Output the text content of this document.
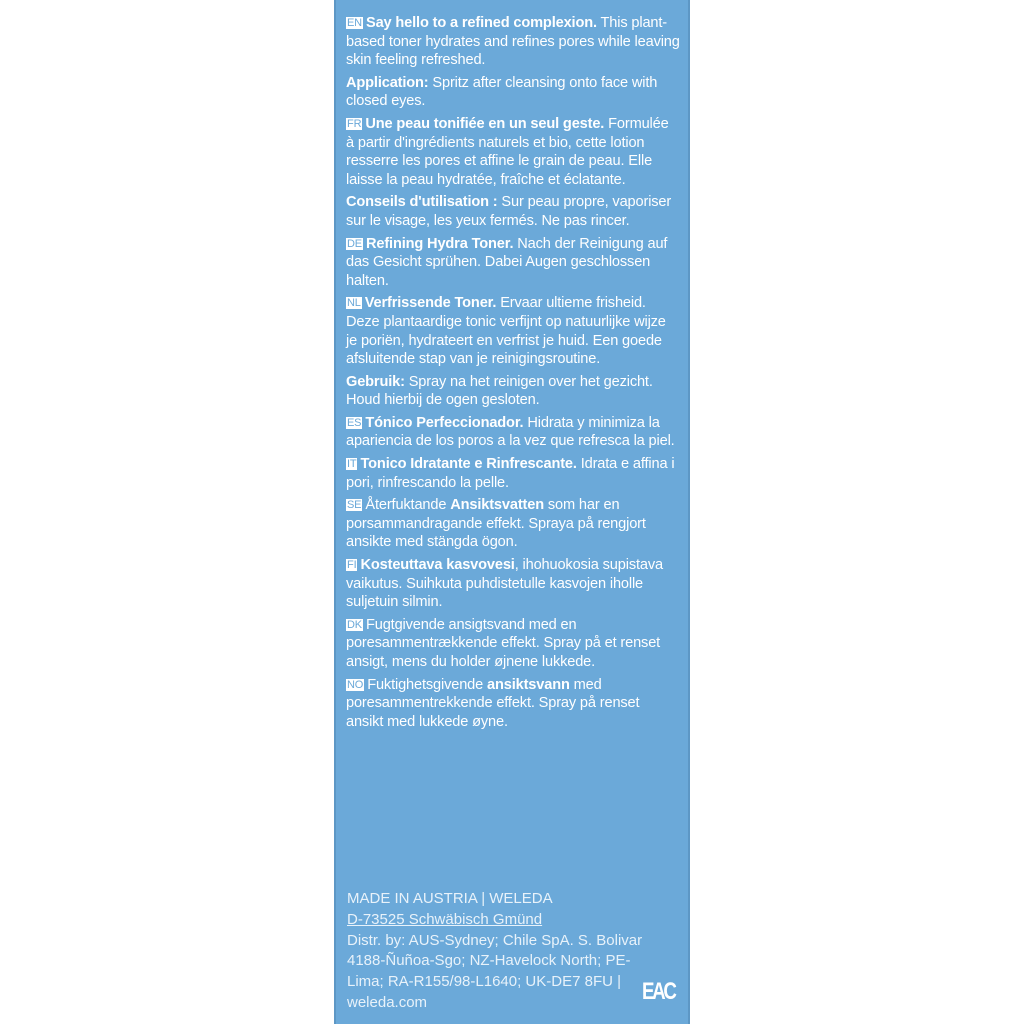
EN Say hello to a refined complexion. This plant-based toner hydrates and refines pores while leaving skin feeling refreshed.

Application: Spritz after cleansing onto face with closed eyes.

FR Une peau tonifiée en un seul geste. Formulée à partir d'ingrédients naturels et bio, cette lotion resserre les pores et affine le grain de peau. Elle laisse la peau hydratée, fraîche et éclatante.

Conseils d'utilisation : Sur peau propre, vaporiser sur le visage, les yeux fermés. Ne pas rincer.

DE Refining Hydra Toner. Nach der Reinigung auf das Gesicht sprühen. Dabei Augen geschlossen halten.

NL Verfrissende Toner. Ervaar ultieme frisheid. Deze plantaardige tonic verfijnt op natuurlijke wijze je poriën, hydrateert en verfrist je huid. Een goede afsluitende stap van je reinigingsroutine.

Gebruik: Spray na het reinigen over het gezicht. Houd hierbij de ogen gesloten.

ES Tónico Perfeccionador. Hidrata y minimiza la apariencia de los poros a la vez que refresca la piel.

IT Tonico Idratante e Rinfrescante. Idrata e affina i pori, rinfrescando la pelle.

SE Återfuktande Ansiktsvatten som har en porsammandragande effekt. Spraya på rengjort ansikte med stängda ögon.

FI Kosteuttava kasvovesi, ihohuokosia supistava vaikutus. Suihkuta puhdistetulle kasvojen iholle suljetuin silmin.

DK Fugtgivende ansigtsvand med en poresammentrækkende effekt. Spray på et renset ansigt, mens du holder øjnene lukkede.

NO Fuktighetsgivende ansiktsvann med poresammentrekkende effekt. Spray på renset ansikt med lukkede øyne.

MADE IN AUSTRIA | WELEDA
D-73525 Schwäbisch Gmünd
Distr. by: AUS-Sydney; Chile SpA. S. Bolivar 4188-Ñuñoa-Sgo; NZ-Havelock North; PE-Lima; RA-R155/98-L1640; UK-DE7 8FU | weleda.com	EAC
